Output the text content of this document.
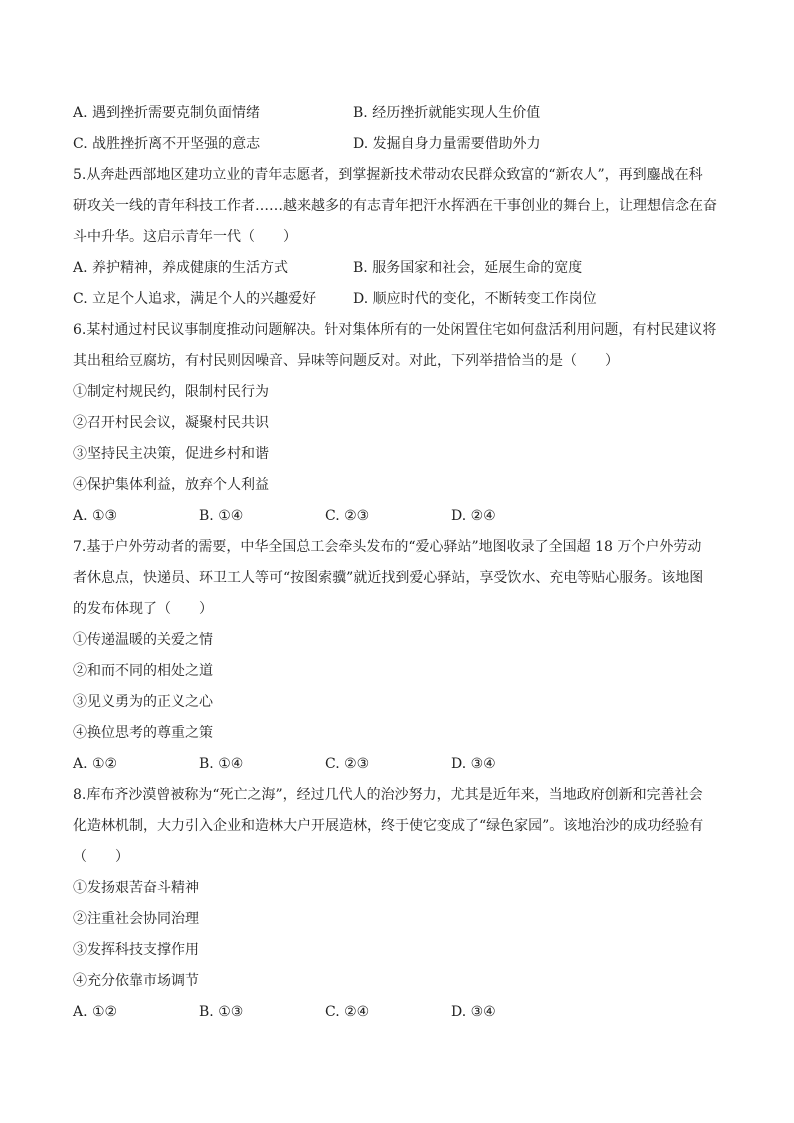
A. 遇到挫折需要克制负面情绪	B. 经历挫折就能实现人生价值
C. 战胜挫折离不开坚强的意志	D. 发掘自身力量需要借助外力
5.从奔赴西部地区建功立业的青年志愿者，到掌握新技术带动农民群众致富的“新农人”，再到鏖战在科
研攻关一线的青年科技工作者……越来越多的有志青年把汗水挥洒在干事创业的舞台上，让理想信念在奋
斗中升华。这启示青年一代（　　）
A. 养护精神，养成健康的生活方式	B. 服务国家和社会，延展生命的宽度
C. 立足个人追求，满足个人的兴趣爱好	D. 顺应时代的变化，不断转变工作岗位
6.某村通过村民议事制度推动问题解决。针对集体所有的一处闲置住宅如何盘活利用问题，有村民建议将
其出租给豆腐坊，有村民则因噪音、异味等问题反对。对此，下列举措恰当的是（　　）
①制定村规民约，限制村民行为
②召开村民会议，凝聚村民共识
③坚持民主决策，促进乡村和谐
④保护集体利益，放弃个人利益
A. ①③	B. ①④	C. ②③	D. ②④
7.基于户外劳动者的需要，中华全国总工会牵头发布的“爱心驿站”地图收录了全国超 18 万个户外劳动
者休息点，快递员、环卫工人等可“按图索骥”就近找到爱心驿站，享受饮水、充电等贴心服务。该地图
的发布体现了（　　）
①传递温暖的关爱之情
②和而不同的相处之道
③见义勇为的正义之心
④换位思考的尊重之策
A. ①②	B. ①④	C. ②③	D. ③④
8.库布齐沙漠曾被称为“死亡之海”，经过几代人的治沙努力，尤其是近年来，当地政府创新和完善社会
化造林机制，大力引入企业和造林大户开展造林，终于使它变成了“绿色家园”。该地治沙的成功经验有
（　　）
①发扬艰苦奋斗精神
②注重社会协同治理
③发挥科技支撑作用
④充分依靠市场调节
A. ①②	B. ①③	C. ②④	D. ③④
